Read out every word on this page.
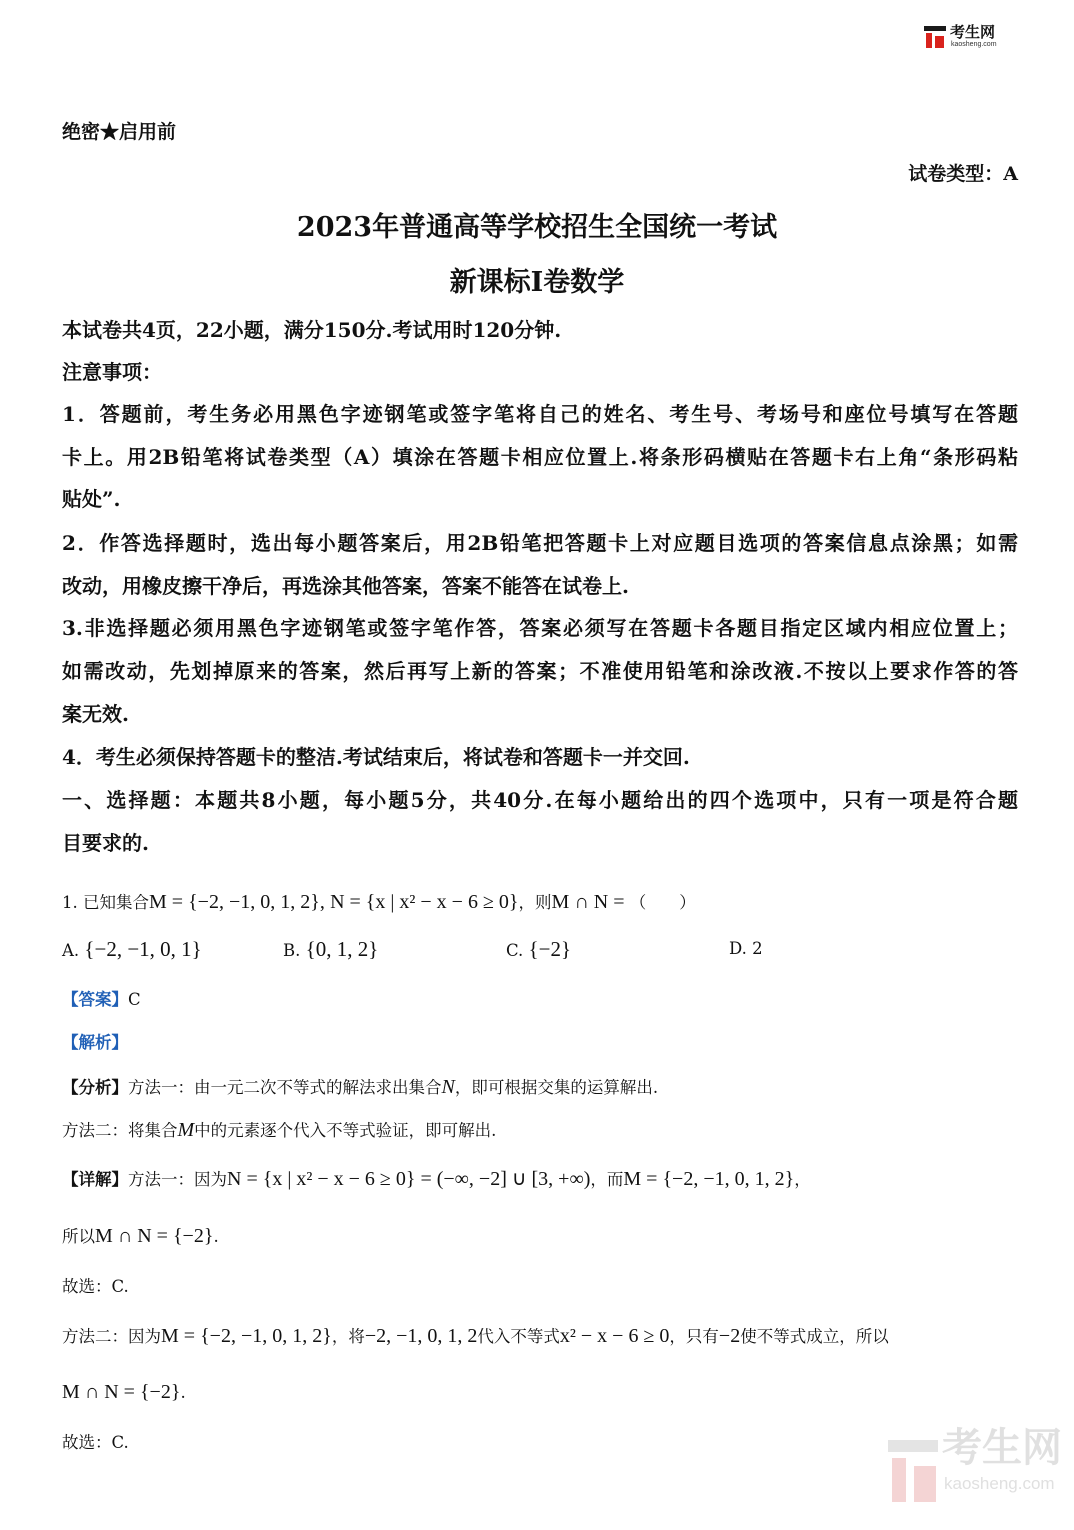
考生网
kaosheng.com
绝密★启用前
试卷类型：A
2023年普通高等学校招生全国统一考试
新课标Ⅰ卷数学
本试卷共4页，22小题，满分150分.考试用时120分钟.
注意事项：
1．答题前，考生务必用黑色字迹钢笔或签字笔将自己的姓名、考生号、考场号和座位号填写在答题
卡上。用2B铅笔将试卷类型（A）填涂在答题卡相应位置上.将条形码横贴在答题卡右上角“条形码粘
贴处”.
2．作答选择题时，选出每小题答案后，用2B铅笔把答题卡上对应题目选项的答案信息点涂黑；如需
改动，用橡皮擦干净后，再选涂其他答案，答案不能答在试卷上.
3.非选择题必须用黑色字迹钢笔或签字笔作答，答案必须写在答题卡各题目指定区域内相应位置上；
如需改动，先划掉原来的答案，然后再写上新的答案；不准使用铅笔和涂改液.不按以上要求作答的答
案无效.
4．考生必须保持答题卡的整洁.考试结束后，将试卷和答题卡一并交回.
一、选择题：本题共8小题，每小题5分，共40分.在每小题给出的四个选项中，只有一项是符合题
目要求的.
1. 已知集合M = {−2, −1, 0, 1, 2}, N = {x | x² − x − 6 ≥ 0}，则M ∩ N = （　　）
A. {−2, −1, 0, 1}	B. {0, 1, 2}	C. {−2}	D. 2
【答案】C
【解析】
【分析】方法一：由一元二次不等式的解法求出集合N，即可根据交集的运算解出.
方法二：将集合M中的元素逐个代入不等式验证，即可解出.
【详解】方法一：因为N = {x | x² − x − 6 ≥ 0} = (−∞, −2] ∪ [3, +∞)，而M = {−2, −1, 0, 1, 2}，
所以M ∩ N = {−2}.
故选：C.
方法二：因为M = {−2, −1, 0, 1, 2}，将−2, −1, 0, 1, 2代入不等式x² − x − 6 ≥ 0，只有−2使不等式成立，所以
M ∩ N = {−2}.
故选：C.	考生网
kaosheng.com
